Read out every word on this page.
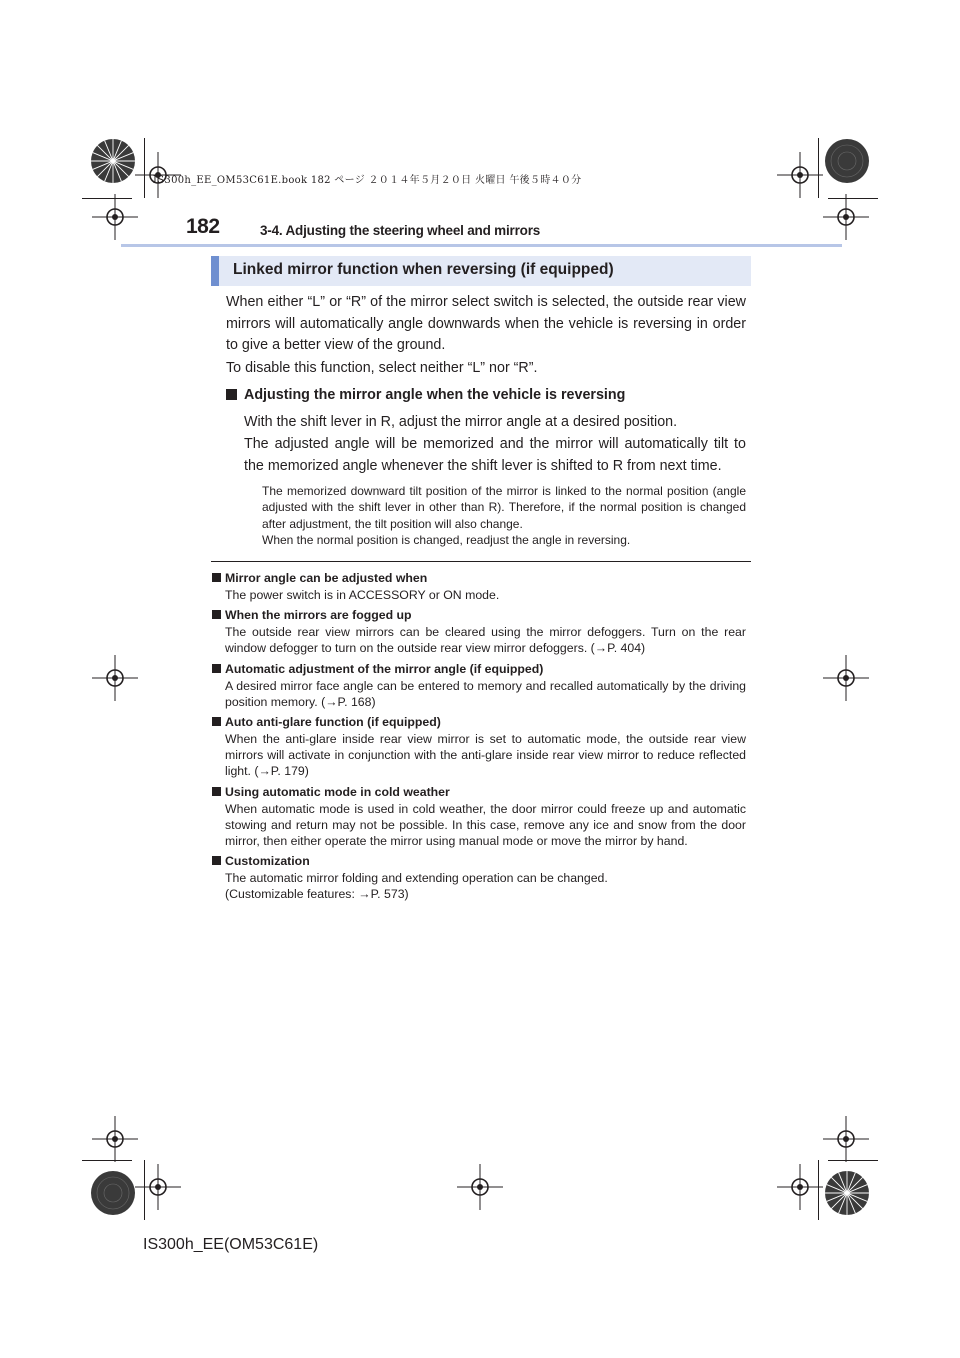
IS300h_EE_OM53C61E.book 182 ページ ２０１４年５月２０日 火曜日 午後５時４０分
182	3-4. Adjusting the steering wheel and mirrors
Linked mirror function when reversing (if equipped)
When either “L” or “R” of the mirror select switch is selected, the outside rear view mirrors will automatically angle downwards when the vehicle is reversing in order to give a better view of the ground.
To disable this function, select neither “L” nor “R”.
Adjusting the mirror angle when the vehicle is reversing
With the shift lever in R, adjust the mirror angle at a desired position.
The adjusted angle will be memorized and the mirror will automatically tilt to the memorized angle whenever the shift lever is shifted to R from next time.
The memorized downward tilt position of the mirror is linked to the normal position (angle adjusted with the shift lever in other than R). Therefore, if the normal position is changed after adjustment, the tilt position will also change.
When the normal position is changed, readjust the angle in reversing.
Mirror angle can be adjusted when
The power switch is in ACCESSORY or ON mode.
When the mirrors are fogged up
The outside rear view mirrors can be cleared using the mirror defoggers. Turn on the rear window defogger to turn on the outside rear view mirror defoggers. (→P. 404)
Automatic adjustment of the mirror angle (if equipped)
A desired mirror face angle can be entered to memory and recalled automatically by the driving position memory. (→P. 168)
Auto anti-glare function (if equipped)
When the anti-glare inside rear view mirror is set to automatic mode, the outside rear view mirrors will activate in conjunction with the anti-glare inside rear view mirror to reduce reflected light. (→P. 179)
Using automatic mode in cold weather
When automatic mode is used in cold weather, the door mirror could freeze up and automatic stowing and return may not be possible. In this case, remove any ice and snow from the door mirror, then either operate the mirror using manual mode or move the mirror by hand.
Customization
The automatic mirror folding and extending operation can be changed.
(Customizable features: →P. 573)
IS300h_EE(OM53C61E)
